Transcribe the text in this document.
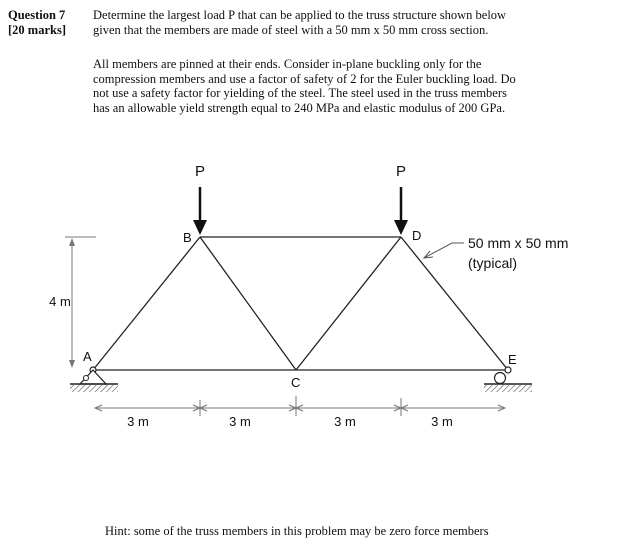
Question 7
[20 marks]
Determine the largest load P that can be applied to the truss structure shown below
given that the members are made of steel with a 50 mm x 50 mm cross section.
All members are pinned at their ends. Consider in-plane buckling only for the
compression members and use a factor of safety of 2 for the Euler buckling load. Do
not use a safety factor for yielding of the steel. The steel used in the truss members
has an allowable yield strength equal to 240 MPa and elastic modulus of 200 GPa.
P	P
B	D
A
C
E
4 m
3 m	3 m	3 m	3 m
50 mm x 50 mm
(typical)
Hint: some of the truss members in this problem may be zero force members
